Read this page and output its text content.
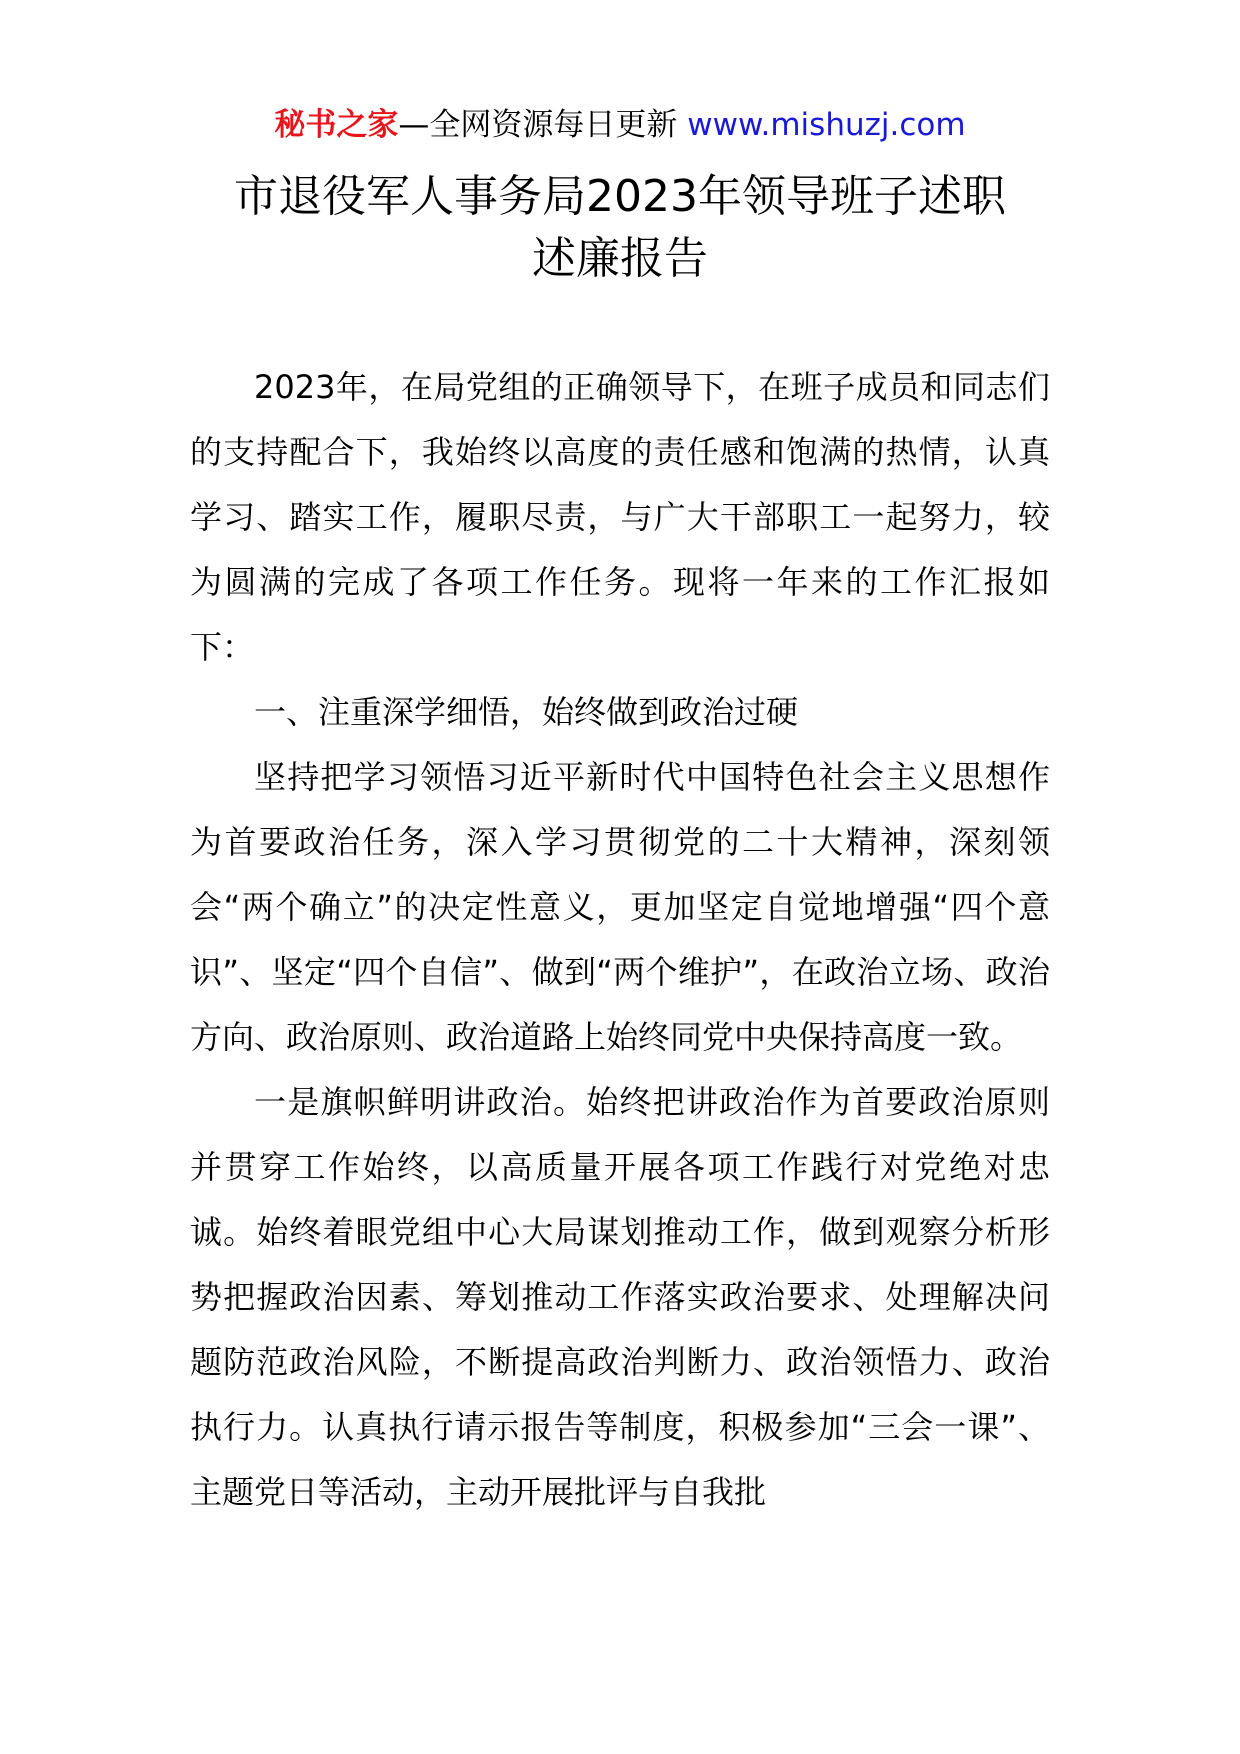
秘书之家—全网资源每日更新 www.mishuzj.com
市退役军人事务局2023年领导班子述职
述廉报告

2023年，在局党组的正确领导下，在班子成员和同志们的支持配合下，我始终以高度的责任感和饱满的热情，认真学习、踏实工作，履职尽责，与广大干部职工一起努力，较为圆满的完成了各项工作任务。现将一年来的工作汇报如下：

一、注重深学细悟，始终做到政治过硬

坚持把学习领悟习近平新时代中国特色社会主义思想作为首要政治任务，深入学习贯彻党的二十大精神，深刻领会“两个确立”的决定性意义，更加坚定自觉地增强“四个意识”、坚定“四个自信”、做到“两个维护”，在政治立场、政治方向、政治原则、政治道路上始终同党中央保持高度一致。

一是旗帜鲜明讲政治。始终把讲政治作为首要政治原则并贯穿工作始终，以高质量开展各项工作践行对党绝对忠诚。始终着眼党组中心大局谋划推动工作，做到观察分析形势把握政治因素、筹划推动工作落实政治要求、处理解决问题防范政治风险，不断提高政治判断力、政治领悟力、政治执行力。认真执行请示报告等制度，积极参加“三会一课”、主题党日等活动，主动开展批评与自我批
